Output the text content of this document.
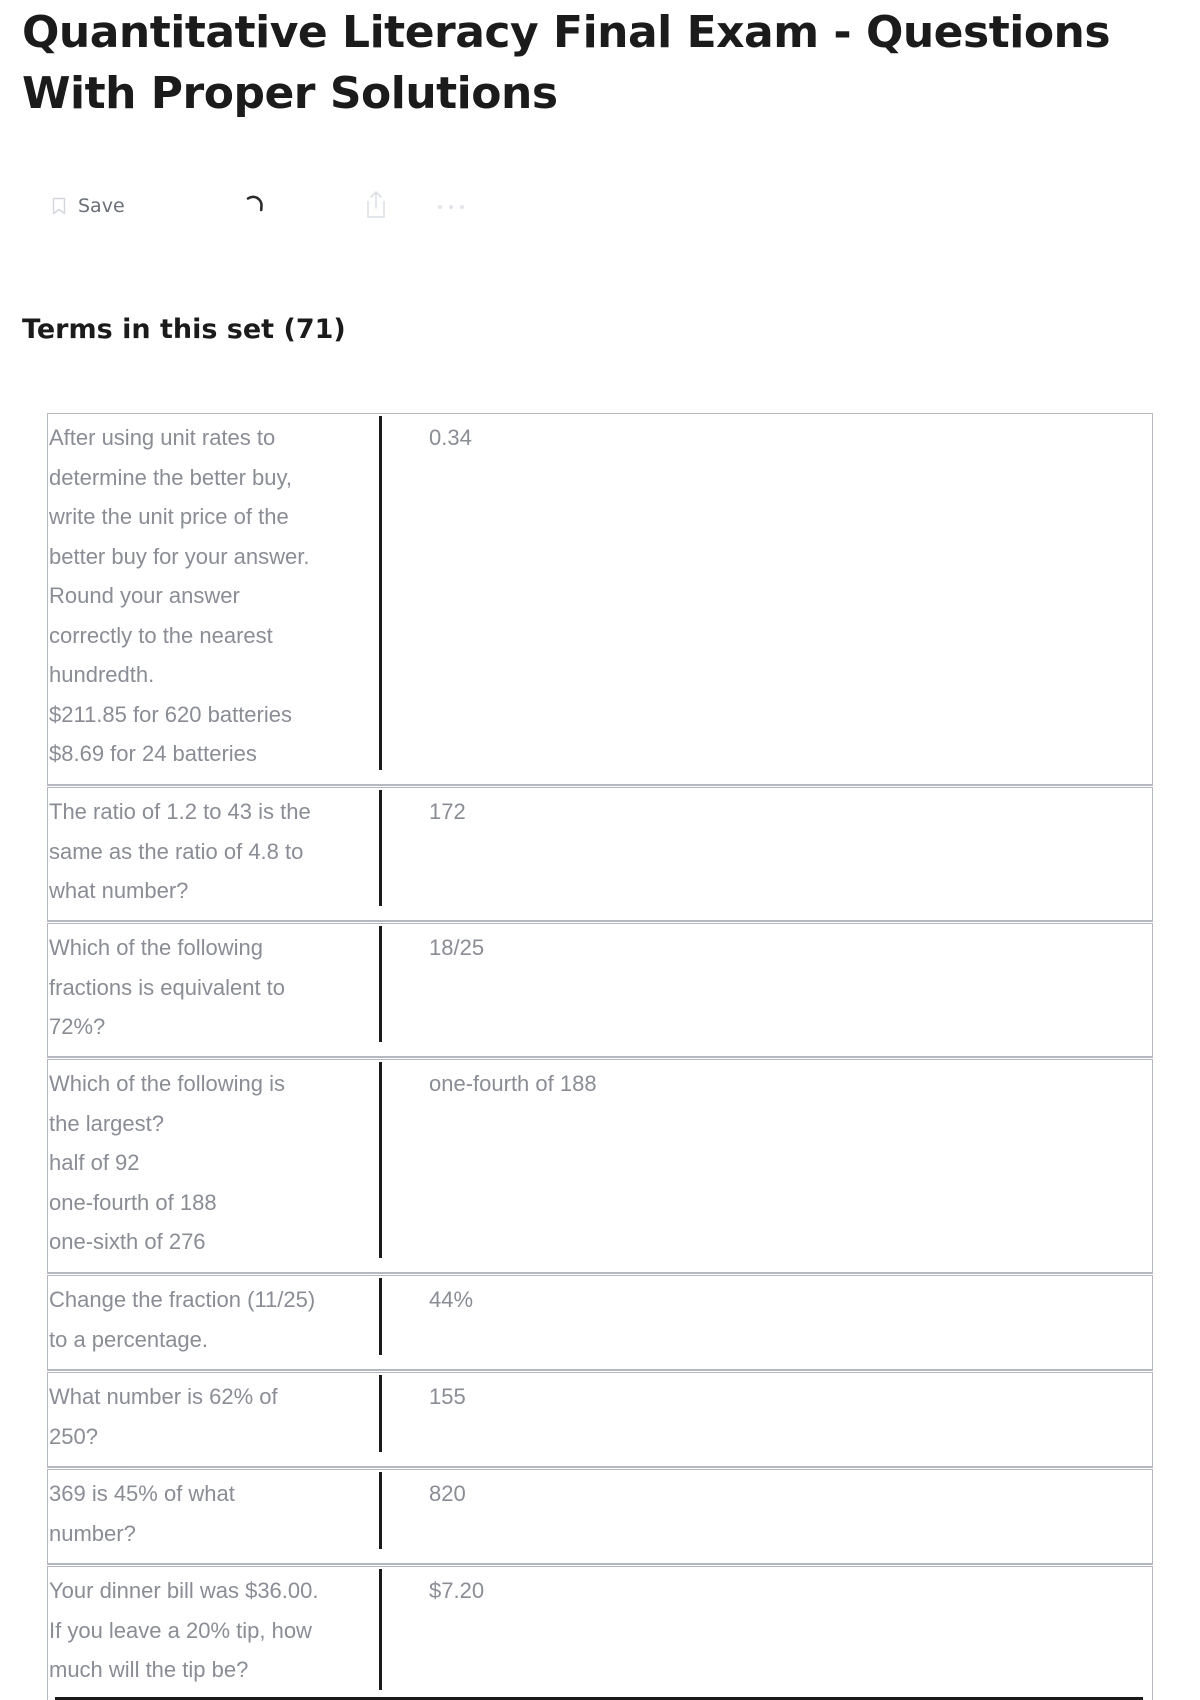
Quantitative Literacy Final Exam - Questions With Proper Solutions
Save
Terms in this set (71)

After using unit rates to
determine the better buy,
write the unit price of the
better buy for your answer.
Round your answer
correctly to the nearest
hundredth.
$211.85 for 620 batteries
$8.69 for 24 batteries

0.34

The ratio of 1.2 to 43 is the
same as the ratio of 4.8 to
what number?

172

Which of the following
fractions is equivalent to
72%?

18/25

Which of the following is
the largest?
half of 92
one-fourth of 188
one-sixth of 276

one-fourth of 188

Change the fraction (11/25)
to a percentage.

44%

What number is 62% of
250?

155

369 is 45% of what
number?

820

Your dinner bill was $36.00.
If you leave a 20% tip, how
much will the tip be?

$7.20
